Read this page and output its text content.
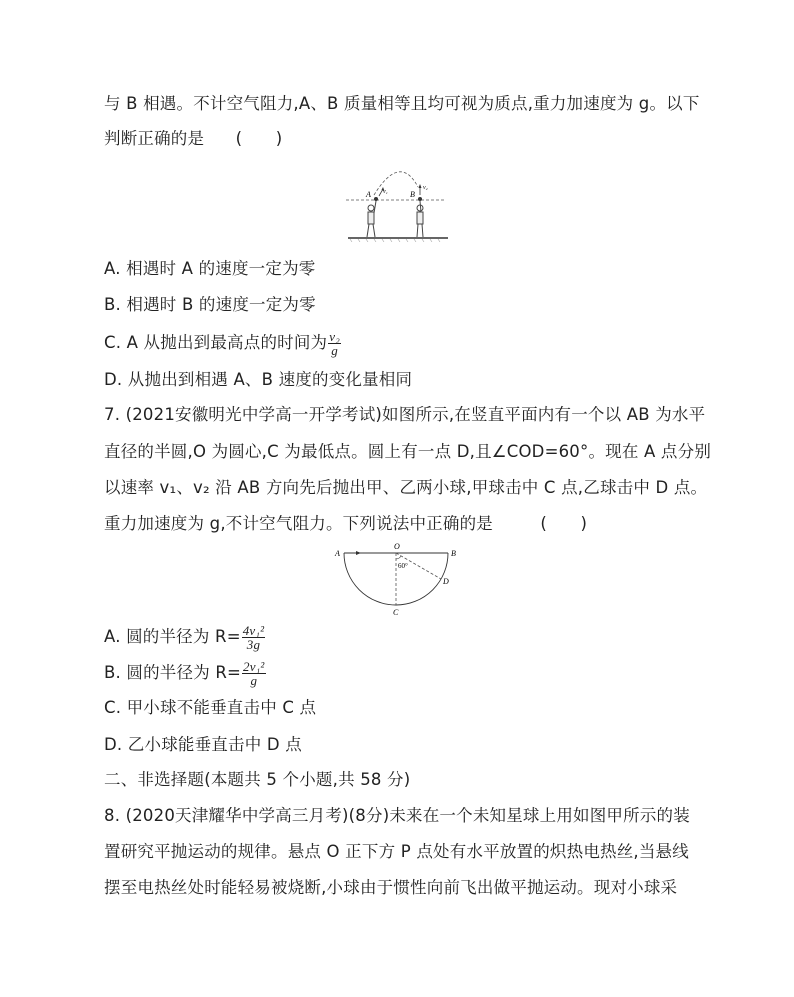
与 B 相遇。不计空气阻力,A、B 质量相等且均可视为质点,重力加速度为 g。以下
判断正确的是 (　　)
A v₁	B
v₂
A. 相遇时 A 的速度一定为零
B. 相遇时 B 的速度一定为零
C. A 从抛出到最高点的时间为 $\frac{\text{v₂}}{g}$
D. 从抛出到相遇 A、B 速度的变化量相同
7. (2021安徽明光中学高一开学考试)如图所示,在竖直平面内有一个以 AB 为水平
直径的半圆,O 为圆心,C 为最低点。圆上有一点 D,且∠COD=60°。现在 A 点分别
以速率 v₁、v₂ 沿 AB 方向先后抛出甲、乙两小球,甲球击中 C 点,乙球击中 D 点。
重力加速度为 g,不计空气阻力。下列说法中正确的是	(　　)
A
O
B
C
D
60°
A. 圆的半径为 $R= \frac{\text{4v₁²}}{3g}$
B. 圆的半径为 $R= \frac{\text{2v₁²}}{g}$
C. 甲小球不能垂直击中 C 点
D. 乙小球能垂直击中 D 点
二、非选择题(本题共 5 个小题,共 58 分)
8. (2020天津耀华中学高三月考)(8分)未来在一个未知星球上用如图甲所示的装
置研究平抛运动的规律。悬点 O 正下方 P 点处有水平放置的炽热电热丝,当悬线
摆至电热丝处时能轻易被烧断,小球由于惯性向前飞出做平抛运动。现对小球采
